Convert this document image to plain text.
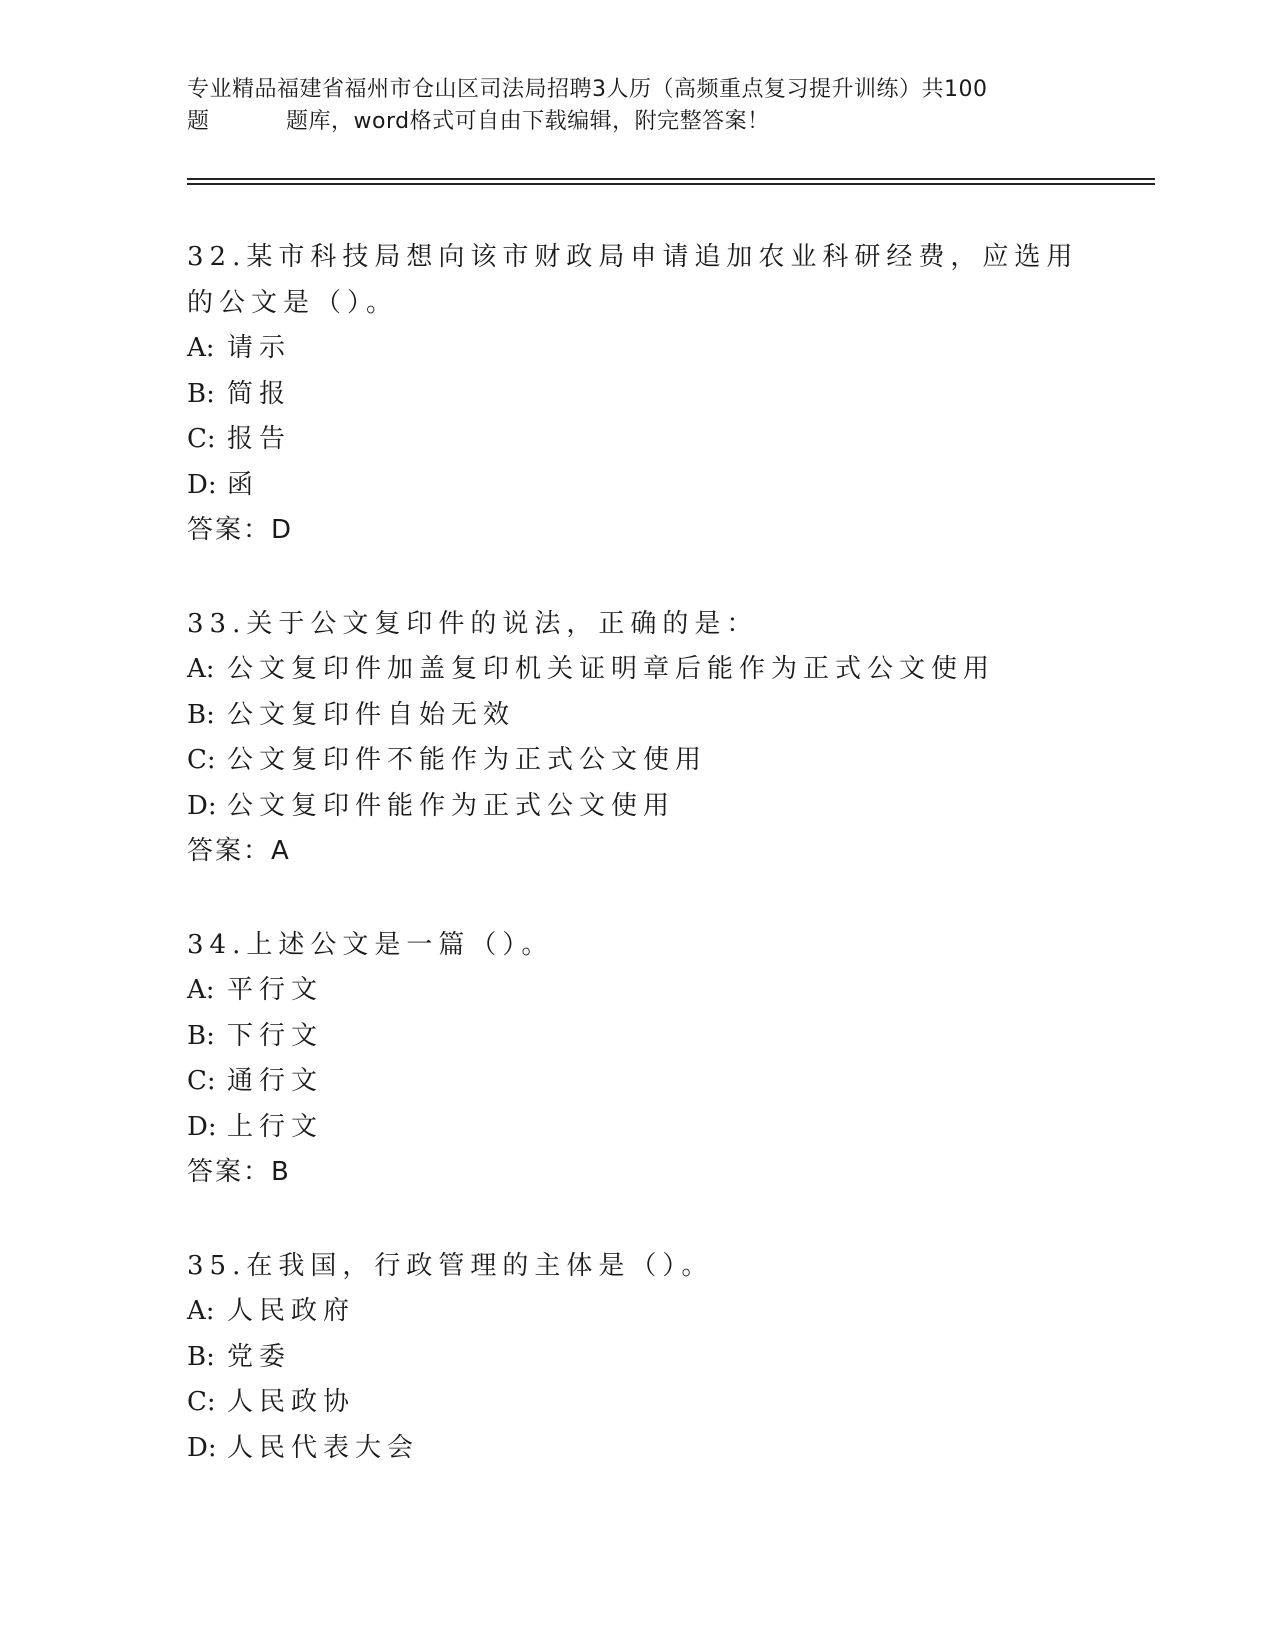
专业精品福建省福州市仓山区司法局招聘3人历（高频重点复习提升训练）共100
题	题库，word格式可自由下载编辑，附完整答案！
32.某市科技局想向该市财政局申请追加农业科研经费，应选用的公文是（）。
A: 请示
B: 简报
C: 报告
D: 函
答案：D
33.关于公文复印件的说法，正确的是：
A: 公文复印件加盖复印机关证明章后能作为正式公文使用
B: 公文复印件自始无效
C: 公文复印件不能作为正式公文使用
D: 公文复印件能作为正式公文使用
答案：A
34.上述公文是一篇（）。
A: 平行文
B: 下行文
C: 通行文
D: 上行文
答案：B
35.在我国，行政管理的主体是（）。
A: 人民政府
B: 党委
C: 人民政协
D: 人民代表大会
